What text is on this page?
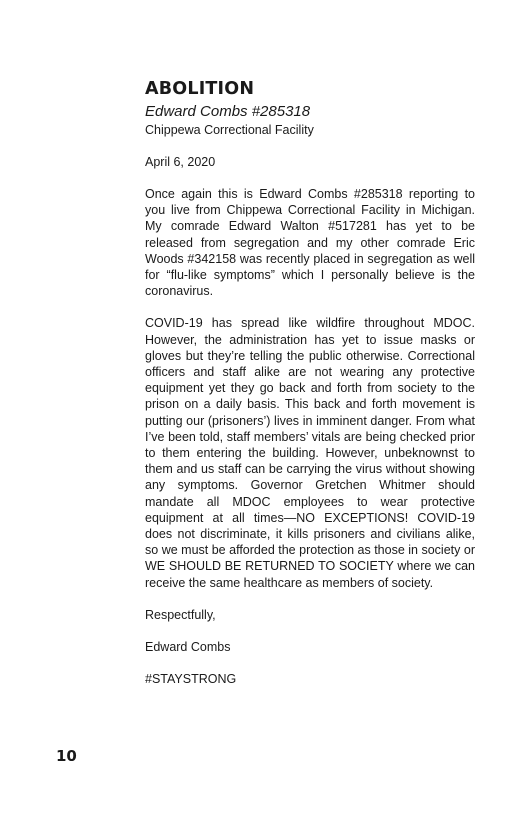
ABOLITION

Edward Combs #285318

Chippewa Correctional Facility

April 6, 2020

Once again this is Edward Combs #285318 reporting to you live from Chippewa Correctional Facility in Michigan. My comrade Edward Walton #517281 has yet to be released from segregation and my other comrade Eric Woods #342158 was recently placed in segregation as well for “flu-like symptoms” which I personally believe is the coronavirus.

COVID-19 has spread like wildfire throughout MDOC. However, the administration has yet to issue masks or gloves but they’re telling the public otherwise. Correctional officers and staff alike are not wearing any protective equipment yet they go back and forth from society to the prison on a daily basis. This back and forth movement is putting our (prisoners’) lives in imminent danger. From what I’ve been told, staff members’ vitals are being checked prior to them entering the building. However, unbeknownst to them and us staff can be carrying the virus without showing any symptoms. Governor Gretchen Whitmer should mandate all MDOC employees to wear protective equipment at all times—NO EXCEPTIONS! COVID-19 does not discriminate, it kills prisoners and civilians alike, so we must be afforded the protection as those in society or WE SHOULD BE RETURNED TO SOCIETY where we can receive the same healthcare as members of society.

Respectfully,

Edward Combs

#STAYSTRONG

10
